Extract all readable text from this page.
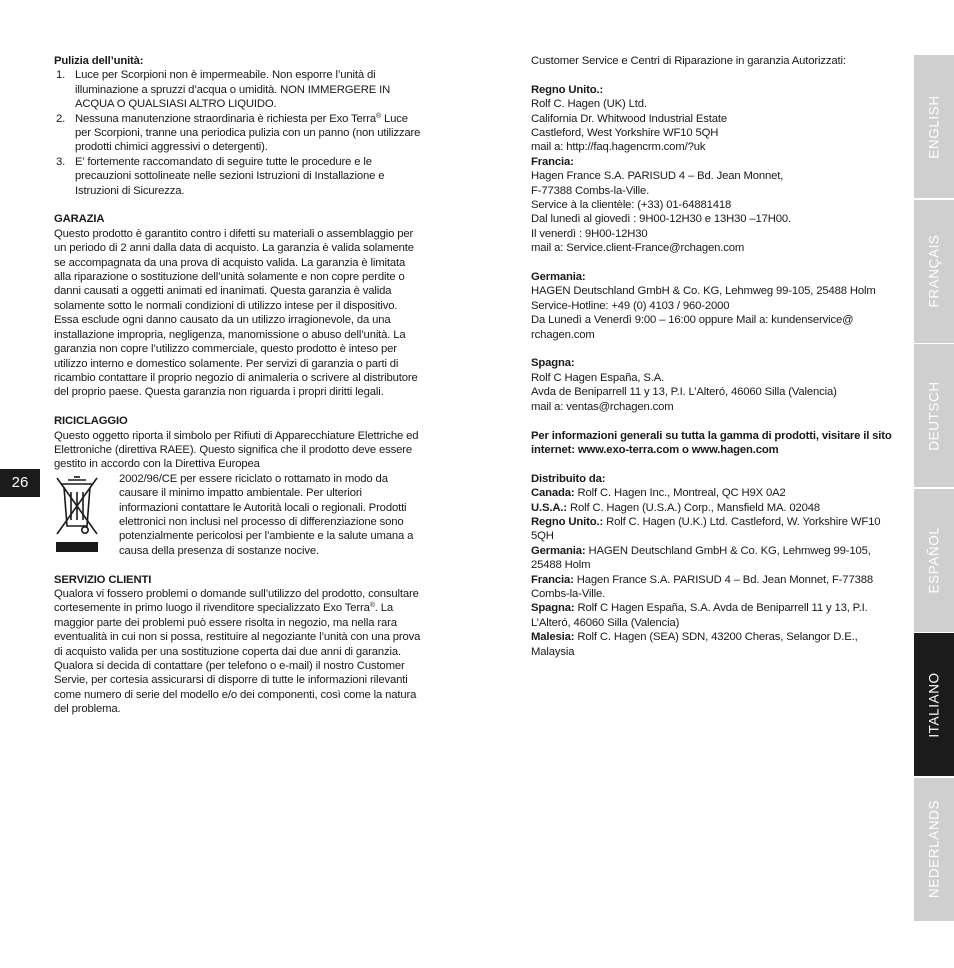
Pulizia dell’unità:

1. Luce per Scorpioni non è impermeabile. Non esporre l’unità di illuminazione a spruzzi d’acqua o umidità. NON IMMERGERE IN ACQUA O QUALSIASI ALTRO LIQUIDO.
2. Nessuna manutenzione straordinaria è richiesta per Exo Terra® Luce per Scorpioni, tranne una periodica pulizia con un panno (non utilizzare prodotti chimici aggressivi o detergenti).
3. E’ fortemente raccomandato di seguire tutte le procedure e le precauzioni sottolineate nelle sezioni Istruzioni di Installazione e Istruzioni di Sicurezza.

GARAZIA

Questo prodotto è garantito contro i difetti su materiali o assemblaggio per un periodo di 2 anni dalla data di acquisto. La garanzia è valida solamente se accompagnata da una prova di acquisto valida. La garanzia è limitata alla riparazione o sostituzione dell’unità solamente e non copre perdite o danni causati a oggetti animati ed inanimati. Questa garanzia è valida solamente sotto le normali condizioni di utilizzo intese per il dispositivo. Essa esclude ogni danno causato da un utilizzo irragionevole, da una installazione impropria, negligenza, manomissione o abuso dell’unità. La garanzia non copre l’utilizzo commerciale, questo prodotto è inteso per utilizzo interno e domestico solamente. Per servizi di garanzia o parti di ricambio contattare il proprio negozio di animaleria o scrivere al distributore del proprio paese. Questa garanzia non riguarda i propri diritti legali.

RICICLAGGIO

Questo oggetto riporta il simbolo per Rifiuti di Apparecchiature Elettriche ed Elettroniche (direttiva RAEE). Questo significa che il prodotto deve essere gestito in accordo con la Direttiva Europea

2002/96/CE per essere riciclato o rottamato in modo da causare il minimo impatto ambientale. Per ulteriori informazioni contattare le Autorità locali o regionali. Prodotti elettronici non inclusi nel processo di differenziazione sono potenzialmente pericolosi per l’ambiente e la salute umana a causa della presenza di sostanze nocive.

SERVIZIO CLIENTI

Qualora vi fossero problemi o domande sull’utilizzo del prodotto, consultare cortesemente in primo luogo il rivenditore specializzato Exo Terra®. La maggior parte dei problemi può essere risolta in negozio, ma nella rara eventualità in cui non si possa, restituire al negoziante l’unità con una prova di acquisto valida per una sostituzione coperta dai due anni di garanzia. Qualora si decida di contattare (per telefono o e-mail) il nostro Customer Servie, per cortesia assicurarsi di disporre di tutte le informazioni rilevanti come numero di serie del modello e/o dei componenti, così come la natura del problema.

Customer Service e Centri di Riparazione in garanzia Autorizzati:

Regno Unito.:

Rolf C. Hagen (UK) Ltd.

California Dr. Whitwood Industrial Estate

Castleford, West Yorkshire WF10 5QH

mail a: http://faq.hagencrm.com/?uk

Francia:

Hagen France S.A. PARISUD 4 – Bd. Jean Monnet,

F-77388 Combs-la-Ville.

Service à la clientèle: (+33) 01-64881418

Dal lunedì al giovedì : 9H00-12H30 e 13H30 –17H00.

Il venerdì : 9H00-12H30

mail a: Service.client-France@rchagen.com

Germania:

HAGEN Deutschland GmbH & Co. KG, Lehmweg 99-105, 25488 Holm

Service-Hotline: +49 (0) 4103 / 960-2000

Da Lunedì a Venerdì 9:00 – 16:00 oppure Mail a: kundenservice@

rchagen.com

Spagna:

Rolf C Hagen España, S.A.

Avda de Beniparrell 11 y 13, P.I. L’Alteró, 46060 Silla (Valencia)

mail a: ventas@rchagen.com

Per informazioni generali su tutta la gamma di prodotti, visitare il sito internet: www.exo-terra.com o www.hagen.com

Distribuito da:

Canada: Rolf C. Hagen Inc., Montreal, QC H9X 0A2

U.S.A.: Rolf C. Hagen (U.S.A.) Corp., Mansfield MA. 02048

Regno Unito.: Rolf C. Hagen (U.K.) Ltd. Castleford, W. Yorkshire WF10 5QH

Germania: HAGEN Deutschland GmbH & Co. KG, Lehmweg 99-105, 25488 Holm

Francia: Hagen France S.A. PARISUD 4 – Bd. Jean Monnet, F-77388 Combs-la-Ville.

Spagna: Rolf C Hagen España, S.A. Avda de Beniparrell 11 y 13, P.I. L’Alteró, 46060 Silla (Valencia)

Malesia: Rolf C. Hagen (SEA) SDN, 43200 Cheras, Selangor D.E., Malaysia

26
ENGLISH
FRANÇAIS
DEUTSCH
ESPAÑOL
ITALIANO
NEDERLANDS
